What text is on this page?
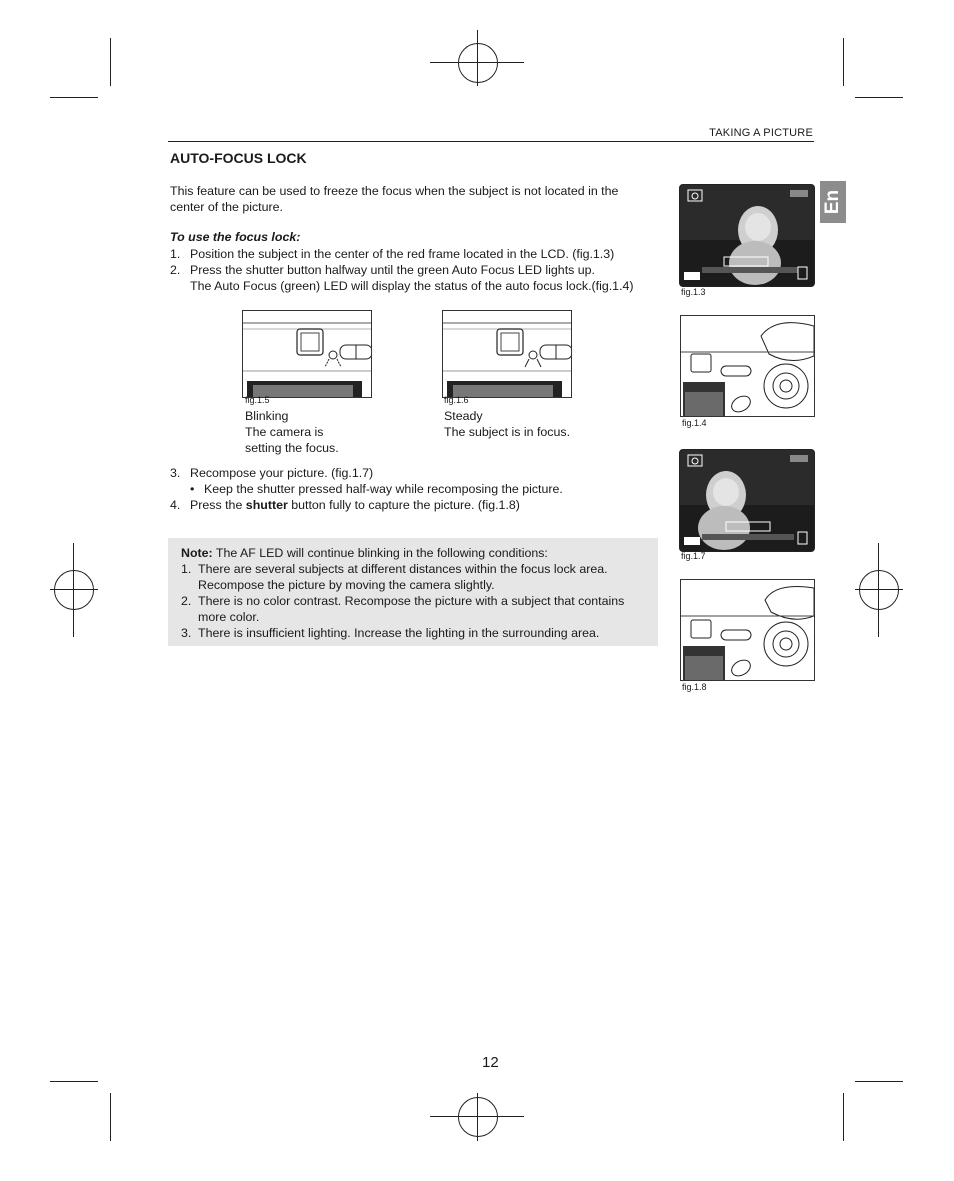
TAKING A PICTURE
En
AUTO-FOCUS LOCK
This feature can be used to freeze the focus when the subject is not located in the center of the picture.
To use the focus lock:
1. Position the subject in the center of the red frame located in the LCD. (fig.1.3)
2. Press the shutter button halfway until the green Auto Focus LED lights up.
The Auto Focus (green) LED will display the status of the auto focus lock.(fig.1.4)
fig.1.5
Blinking
The camera is setting the focus.
fig.1.6
Steady
The subject is in focus.
3. Recompose your picture. (fig.1.7)
• Keep the shutter pressed half-way while recomposing the picture.
4. Press the shutter button fully to capture the picture. (fig.1.8)
Note: The AF LED will continue blinking in the following conditions:
1. There are several subjects at different distances within the focus lock area. Recompose the picture by moving the camera slightly.
2. There is no color contrast. Recompose the picture with a subject that contains more color.
3. There is insufficient lighting. Increase the lighting in the surrounding area.
fig.1.3
fig.1.4
fig.1.7
fig.1.8
12
